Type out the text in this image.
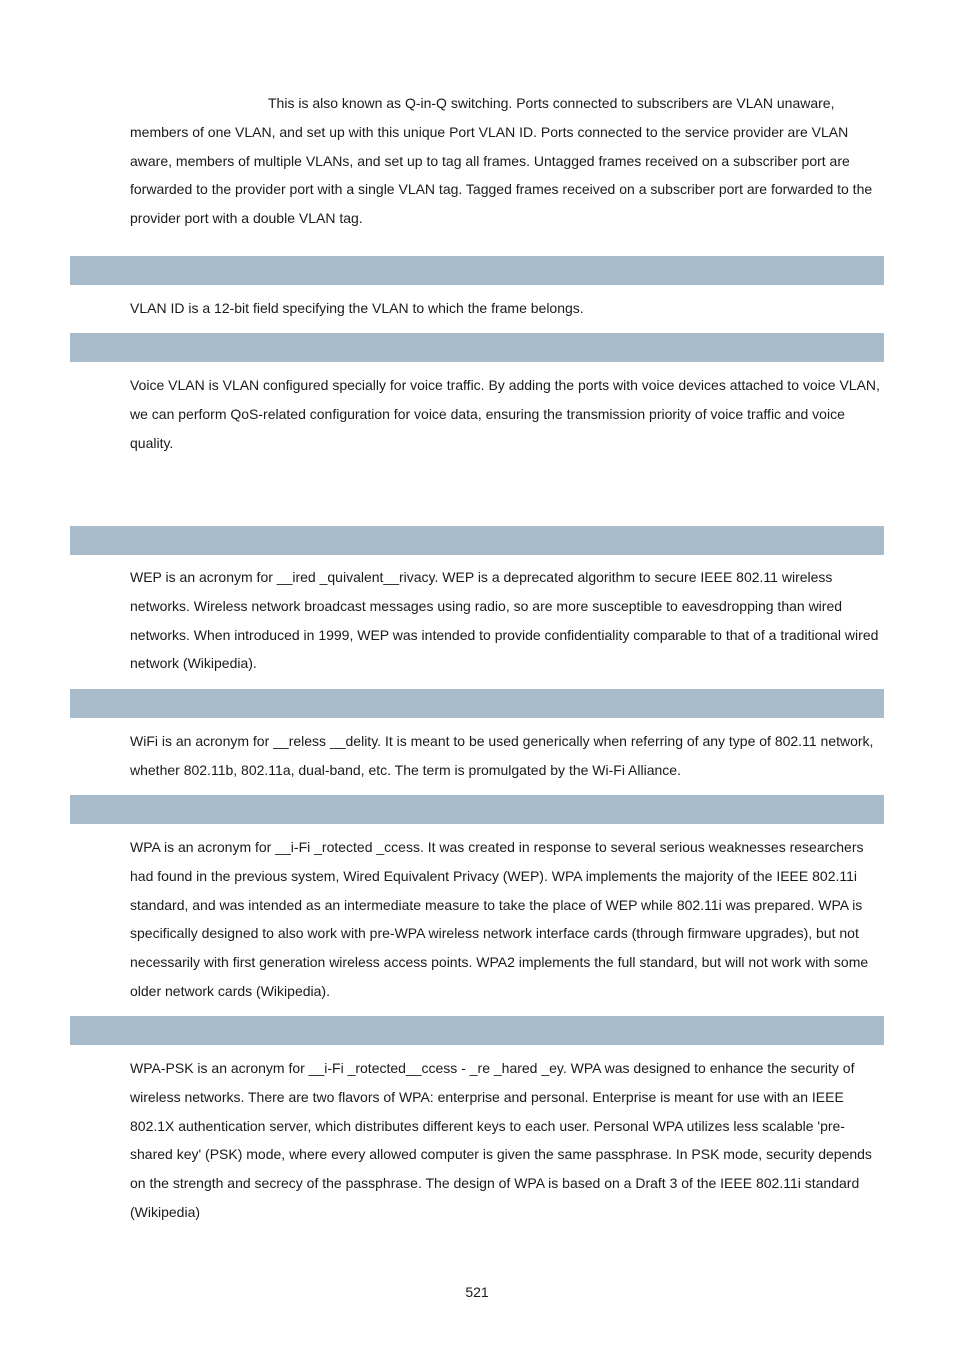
This is also known as Q-in-Q switching. Ports connected to subscribers are VLAN unaware, members of one VLAN, and set up with this unique Port VLAN ID. Ports connected to the service provider are VLAN aware, members of multiple VLANs, and set up to tag all frames. Untagged frames received on a subscriber port are forwarded to the provider port with a single VLAN tag. Tagged frames received on a subscriber port are forwarded to the provider port with a double VLAN tag.

VLAN ID is a 12-bit field specifying the VLAN to which the frame belongs.

Voice VLAN is VLAN configured specially for voice traffic. By adding the ports with voice devices attached to voice VLAN, we can perform QoS-related configuration for voice data, ensuring the transmission priority of voice traffic and voice quality.

WEP is an acronym for __ired _quivalent__rivacy. WEP is a deprecated algorithm to secure IEEE 802.11 wireless networks. Wireless network broadcast messages using radio, so are more susceptible to eavesdropping than wired networks. When introduced in 1999, WEP was intended to provide confidentiality comparable to that of a traditional wired network (Wikipedia).

WiFi is an acronym for __reless __delity. It is meant to be used generically when referring of any type of 802.11 network, whether 802.11b, 802.11a, dual-band, etc. The term is promulgated by the Wi-Fi Alliance.

WPA is an acronym for __i-Fi _rotected _ccess. It was created in response to several serious weaknesses researchers had found in the previous system, Wired Equivalent Privacy (WEP). WPA implements the majority of the IEEE 802.11i standard, and was intended as an intermediate measure to take the place of WEP while 802.11i was prepared. WPA is specifically designed to also work with pre-WPA wireless network interface cards (through firmware upgrades), but not necessarily with first generation wireless access points. WPA2 implements the full standard, but will not work with some older network cards (Wikipedia).

WPA-PSK is an acronym for __i-Fi _rotected__ccess - _re _hared _ey. WPA was designed to enhance the security of wireless networks. There are two flavors of WPA: enterprise and personal. Enterprise is meant for use with an IEEE 802.1X authentication server, which distributes different keys to each user. Personal WPA utilizes less scalable 'pre-shared key' (PSK) mode, where every allowed computer is given the same passphrase. In PSK mode, security depends on the strength and secrecy of the passphrase. The design of WPA is based on a Draft 3 of the IEEE 802.11i standard (Wikipedia)

521
